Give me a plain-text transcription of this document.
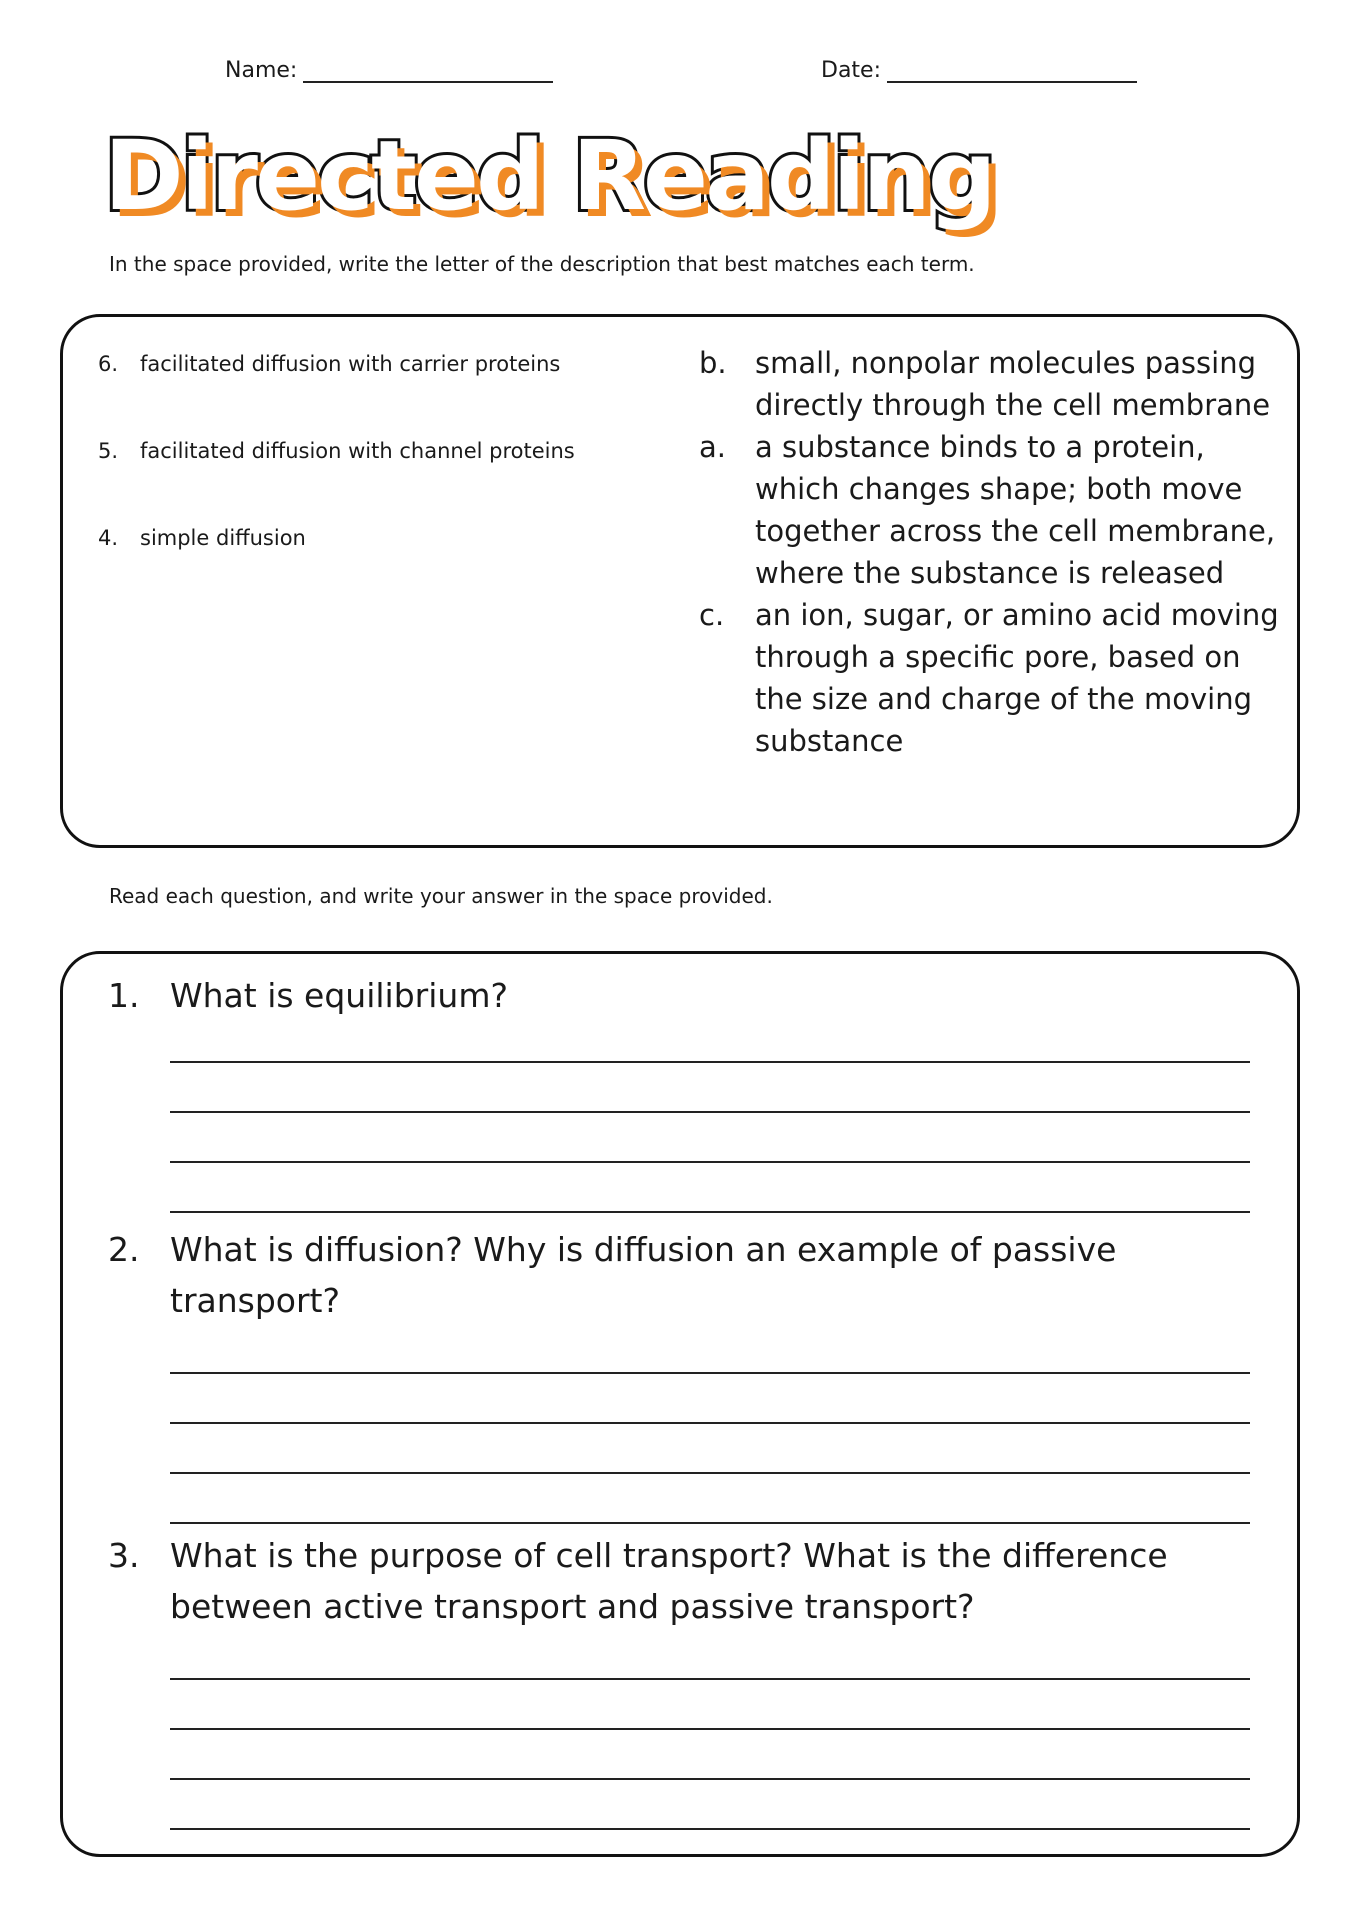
Name:	Date:
Directed Reading
In the space provided, write the letter of the description that best matches each term.
6.	facilitated diffusion with carrier proteins
5.	facilitated diffusion with channel proteins
4.	simple diffusion
b. small, nonpolar molecules passing directly through the cell membrane
a.	a substance binds to a protein, which changes shape; both move together across the cell membrane, where the substance is released
c.	an ion, sugar, or amino acid moving through a specific pore, based on the size and charge of the moving substance
Read each question, and write your answer in the space provided.
1. What is equilibrium?
2. What is diffusion? Why is diffusion an example of passive transport?
3. What is the purpose of cell transport? What is the difference between active transport and passive transport?
